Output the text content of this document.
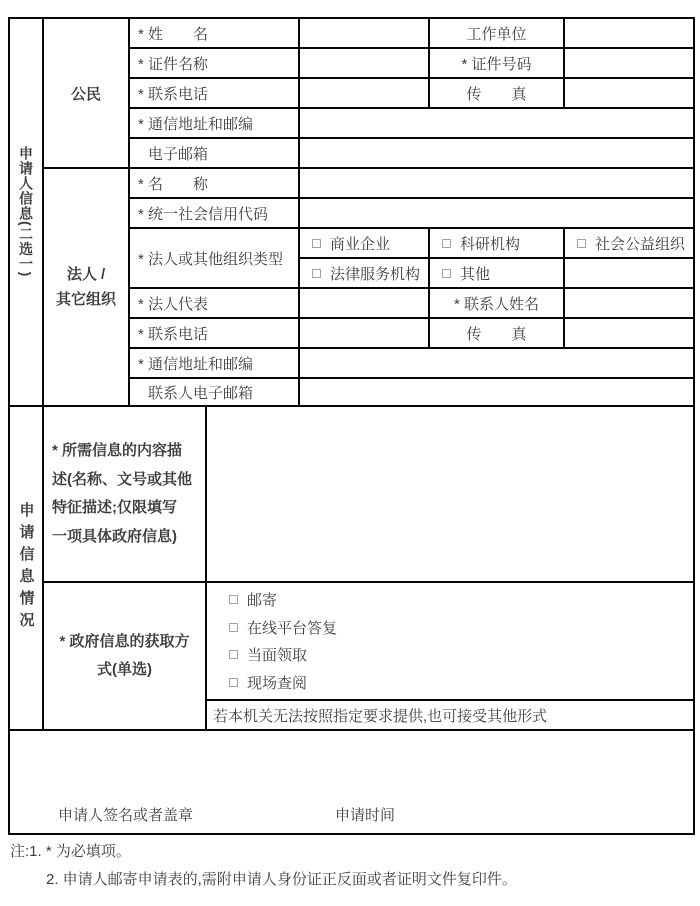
申请人信息(二选一)
公民
* 姓　　名	工作单位
* 证件名称	* 证件号码
* 联系电话	传　　真
* 通信地址和邮编
电子邮箱
法人 /
其它组织
* 名　　称
* 统一社会信用代码
* 法人或其他组织类型
商业企业	科研机构	社会公益组织
法律服务机构	其他
* 法人代表	* 联系人姓名
* 联系电话	传　　真
* 通信地址和邮编
联系人电子邮箱
申请信息情况
* 所需信息的内容描
述(名称、文号或其他
特征描述;仅限填写
一项具体政府信息)
* 政府信息的获取方
式(单选)
邮寄
在线平台答复
当面领取
现场查阅
若本机关无法按照指定要求提供,也可接受其他形式
申请人签名或者盖章	申请时间
注:1. * 为必填项。
2. 申请人邮寄申请表的,需附申请人身份证正反面或者证明文件复印件。
